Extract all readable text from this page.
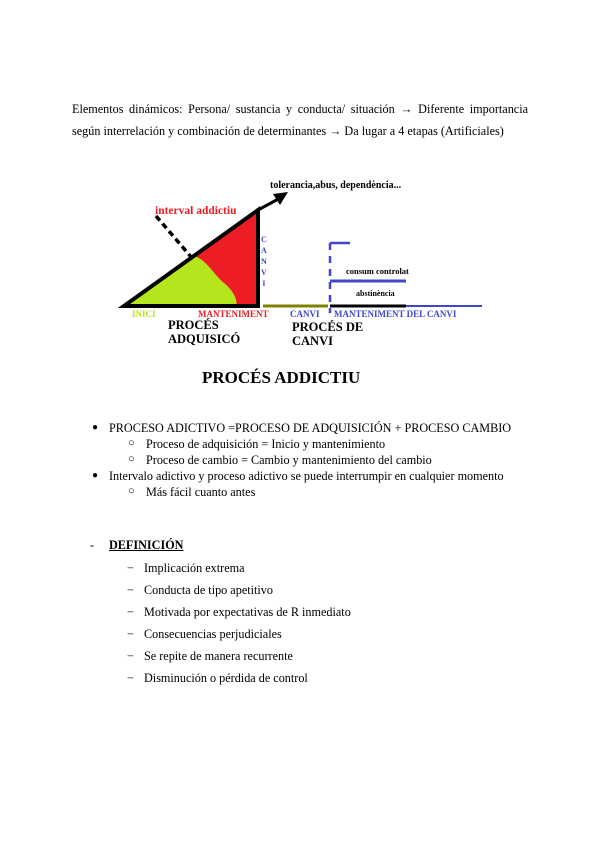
Elementos dinámicos: Persona/ sustancia y conducta/ situación → Diferente importancia

según interrelación y combinación de determinantes → Da lugar a 4 etapas (Artificiales)

tolerancia,abus, dependència...
interval addictiu
C
A
N
V
I
consum controlat
abstinència
INICI	MANTENIMENT CANVI MANTENIMENT DEL CANVI
PROCÉS
ADQUISICÓ
PROCÉS DE
CANVI
PROCÉS ADDICTIU
● PROCESO ADICTIVO =PROCESO DE ADQUISICIÓN + PROCESO CAMBIO
○ Proceso de adquisición = Inicio y mantenimiento
○ Proceso de cambio = Cambio y mantenimiento del cambio
● Intervalo adictivo y proceso adictivo se puede interrumpir en cualquier momento
○ Más fácil cuanto antes
- DEFINICIÓN
− Implicación extrema
− Conducta de tipo apetitivo
− Motivada por expectativas de R inmediato
− Consecuencias perjudiciales
− Se repite de manera recurrente
− Disminución o pérdida de control
